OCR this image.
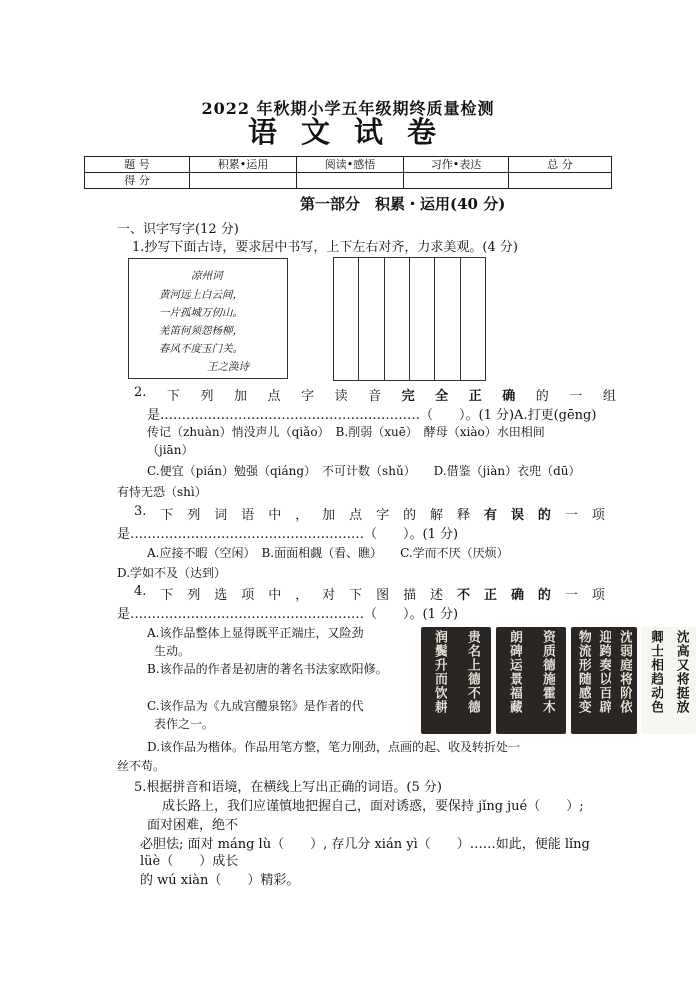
2022 年秋期小学五年级期终质量检测
语文试卷
题 号	积累•运用	阅读•感悟	习作•表达	总 分
得 分				
第一部分　积累・运用(40 分)
一、识字写字(12 分)
1.抄写下面古诗，要求居中书写，上下左右对齐，力求美观。(4 分)
凉州词
黄河远上白云间，
一片孤城万仞山。
羌笛何须怨杨柳，
春风不度玉门关。
王之涣诗
2. 下 列 加 点 字 读 音 完 全 正 确 的 一 组
是……………………………………………………（　　）。(1 分)A.打更(gēng)
传记（zhuàn）悄没声儿（qiǎo）　B.削弱（xuē）　酵母（xiào）水田相间
（jiān）
C.便宜（pián）勉强（qiáng）　不可计数（shǔ）　　D.借鉴（jiàn）衣兜（dū）
有恃无恐（shì）
3. 下 列 词 语 中 ， 加 点 字 的 解 释 有 误 的 一 项
是………………………………………………（　　）。(1 分)
A.应接不暇（空闲）　B.面面相觑（看、瞧）　　C.学而不厌（厌烦）
D.学如不及（达到）
4. 下 列 选 项 中 ， 对 下 图 描 述 不 正 确 的 一 项
是………………………………………………（　　）。(1 分)
A.该作品整体上显得既平正端庄，又险劲
生动。
B.该作品的作者是初唐的著名书法家欧阳修。
C.该作品为《九成宫醴泉铭》是作者的代
表作之一。
D.该作品为楷体。作品用笔方整，笔力刚劲，点画的起、收及转折处一
丝不苟。
贵名上德不德
润鬓升而饮耕
资质德施霍木
朗碑运景福藏
沈弱庭将阶依
迎跨奏以百辟
物流形随感变
沈高又将挺放
卿士相趋动色
5.根据拼音和语境，在横线上写出正确的词语。(5 分)
成长路上，我们应谨慎地把握自己，面对诱惑，要保持 jǐng jué（　　）;
面对困难，绝不
必胆怯; 面对 máng lù（　　）, 存几分 xián yì（　　）……如此，便能 lǐng
lüè（　　）成长
的 wú xiàn（　　）精彩。
